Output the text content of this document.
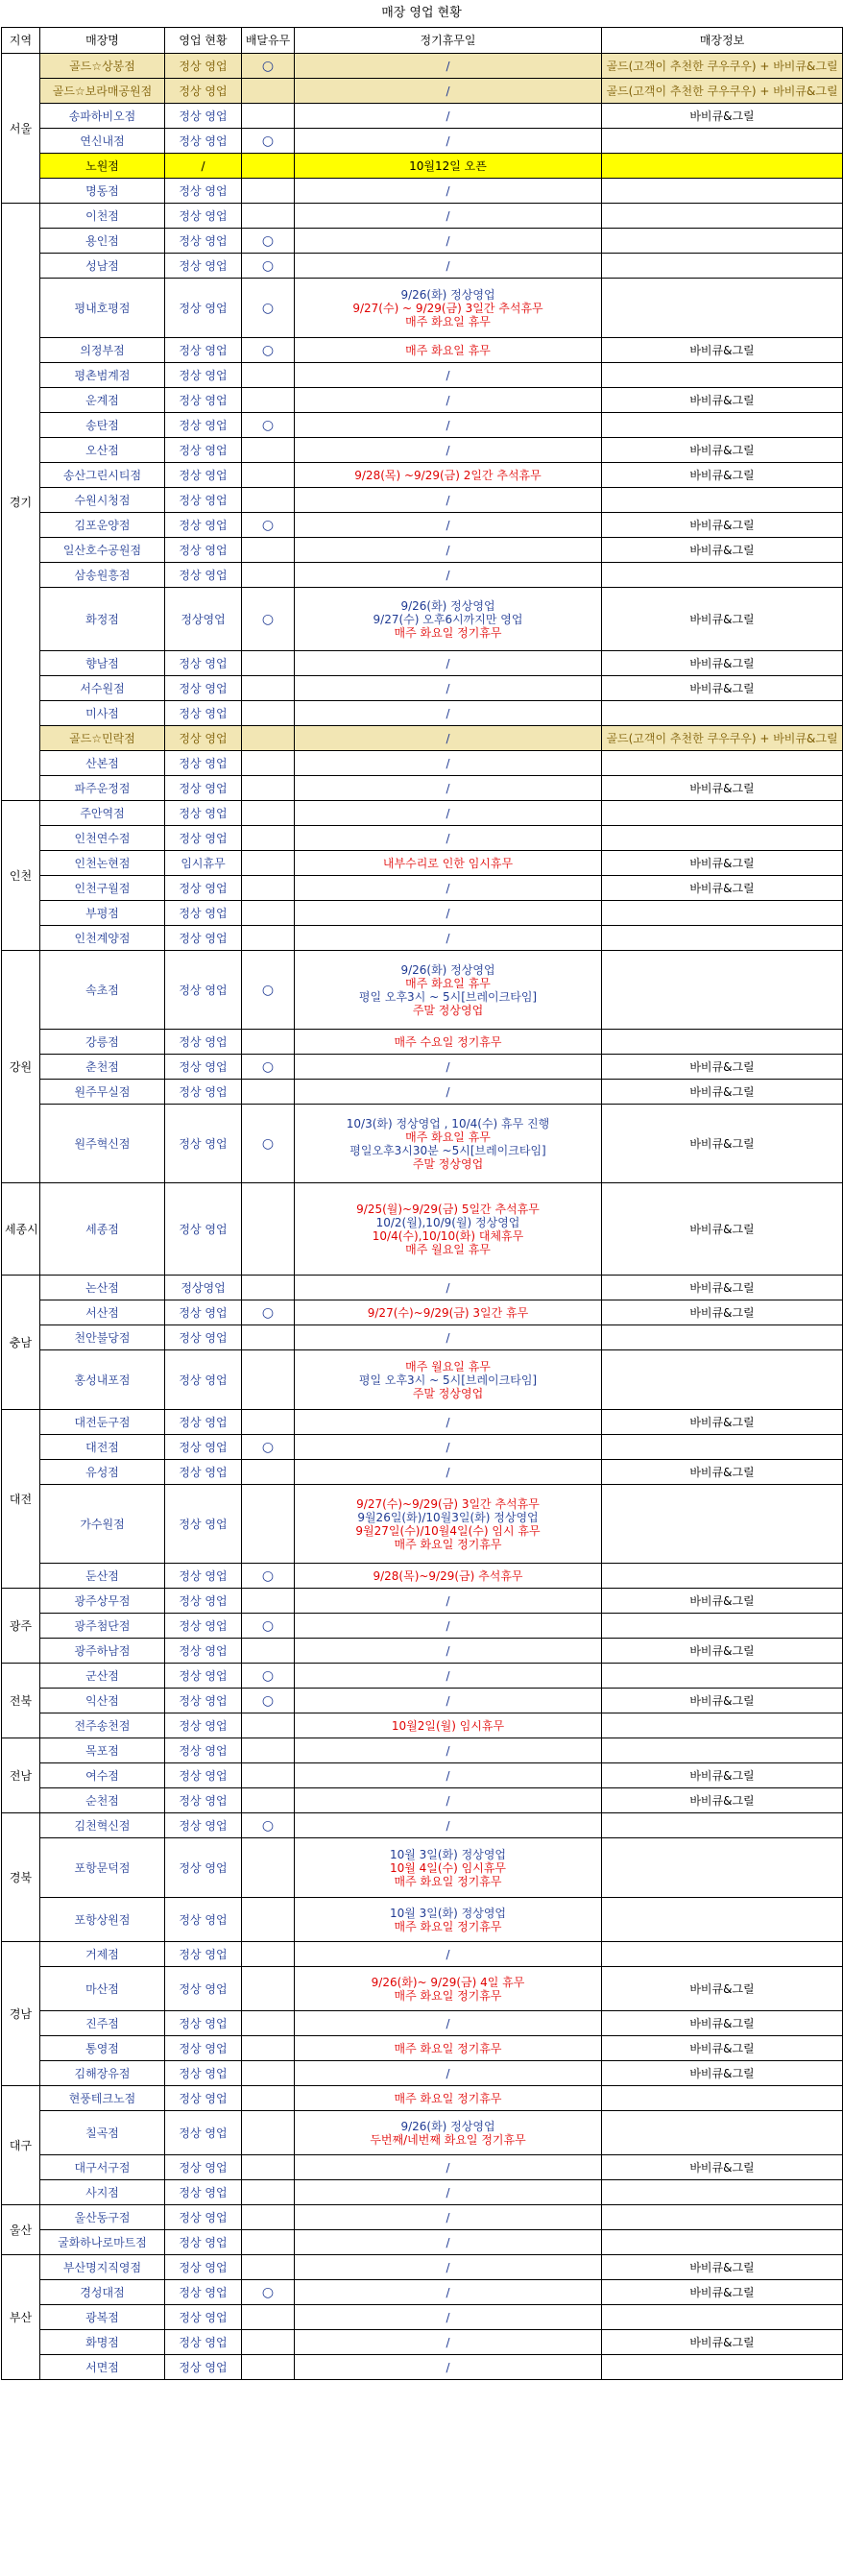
매장 영업 현황
지역	매장명	영업 현황	배달유무	정기휴무일	매장정보
서울	골드☆상봉점	정상 영업	○	/	골드(고객이 추천한 쿠우쿠우) + 바비큐&그릴
	골드☆보라매공원점	정상 영업		/	골드(고객이 추천한 쿠우쿠우) + 바비큐&그릴
	송파하비오점	정상 영업		/	바비큐&그릴
	연신내점	정상 영업	○	/	

	노원점	/		10월12일 오픈	

	명동점	정상 영업		/	

경기	이천점	정상 영업		/	

	용인점	정상 영업	○	/	

	성남점	정상 영업	○	/	

	평내호평점	정상 영업	○	9/26(화) 정상영업
9/27(수) ~ 9/29(금) 3일간 추석휴무
매주 화요일 휴무	

	의정부점	정상 영업	○	매주 화요일 휴무	바비큐&그릴
	평촌범계점	정상 영업		/	

	운계점	정상 영업		/	바비큐&그릴
	송탄점	정상 영업	○	/	

	오산점	정상 영업		/	바비큐&그릴
	송산그린시티점	정상 영업		9/28(목) ~9/29(금) 2일간 추석휴무	바비큐&그릴
	수원시청점	정상 영업		/	

	김포운양점	정상 영업	○	/	바비큐&그릴
	일산호수공원점	정상 영업		/	바비큐&그릴
	삼송원흥점	정상 영업		/	

	화정점	정상영업	○	9/26(화) 정상영업
9/27(수) 오후6시까지만 영업
매주 화요일 정기휴무	바비큐&그릴
	향남점	정상 영업		/	바비큐&그릴
	서수원점	정상 영업		/	바비큐&그릴
	미사점	정상 영업		/	

	골드☆민락점	정상 영업		/	골드(고객이 추천한 쿠우쿠우) + 바비큐&그릴
	산본점	정상 영업		/	

	파주운정점	정상 영업		/	바비큐&그릴
인천	주안역점	정상 영업		/	

	인천연수점	정상 영업		/	

	인천논현점	임시휴무		내부수리로 인한 임시휴무	바비큐&그릴
	인천구월점	정상 영업		/	바비큐&그릴
	부평점	정상 영업		/	

	인천계양점	정상 영업		/	

강원	속초점	정상 영업	○	9/26(화) 정상영업
매주 화요일 휴무
평일 오후3시 ~ 5시[브레이크타임]
주말 정상영업	

	강릉점	정상 영업		매주 수요일 정기휴무	

	춘천점	정상 영업	○	/	바비큐&그릴
	원주무실점	정상 영업		/	바비큐&그릴
	원주혁신점	정상 영업	○	10/3(화) 정상영업 , 10/4(수) 휴무 진행
매주 화요일 휴무
평일오후3시30분 ~5시[브레이크타임]
주말 정상영업	바비큐&그릴
세종시	세종점	정상 영업		9/25(월)~9/29(금) 5일간 추석휴무
10/2(월),10/9(월) 정상영업
10/4(수),10/10(화) 대체휴무
매주 월요일 휴무	바비큐&그릴
충남	논산점	정상영업		/	바비큐&그릴
	서산점	정상 영업	○	9/27(수)~9/29(금) 3일간 휴무	바비큐&그릴
	천안불당점	정상 영업		/	

	홍성내포점	정상 영업		매주 월요일 휴무
평일 오후3시 ~ 5시[브레이크타임]
주말 정상영업	

대전	대전둔구점	정상 영업		/	바비큐&그릴
	대전점	정상 영업	○	/	

	유성점	정상 영업		/	바비큐&그릴
	가수원점	정상 영업		9/27(수)~9/29(금) 3일간 추석휴무
9월26일(화)/10월3일(화) 정상영업
9월27일(수)/10월4일(수) 임시 휴무
매주 화요일 정기휴무	

	둔산점	정상 영업	○	9/28(목)~9/29(금) 추석휴무	

광주	광주상무점	정상 영업		/	바비큐&그릴
	광주첨단점	정상 영업	○	/	

	광주하남점	정상 영업		/	바비큐&그릴
전북	군산점	정상 영업	○	/	

	익산점	정상 영업	○	/	바비큐&그릴
	전주송천점	정상 영업		10월2일(월) 임시휴무	

전남	목포점	정상 영업		/	

	여수점	정상 영업		/	바비큐&그릴
	순천점	정상 영업		/	바비큐&그릴
경북	김천혁신점	정상 영업	○	/	

	포항문덕점	정상 영업		10월 3일(화) 정상영업
10월 4일(수) 임시휴무
매주 화요일 정기휴무	

	포항상원점	정상 영업		10월 3일(화) 정상영업
매주 화요일 정기휴무	

경남	거제점	정상 영업		/	

	마산점	정상 영업		9/26(화)~ 9/29(금) 4일 휴무
매주 화요일 정기휴무	바비큐&그릴
	진주점	정상 영업		/	바비큐&그릴
	통영점	정상 영업		매주 화요일 정기휴무	바비큐&그릴
	김해장유점	정상 영업		/	바비큐&그릴
대구	현풍테크노점	정상 영업		매주 화요일 정기휴무	

	칠곡점	정상 영업		9/26(화) 정상영업
두번째/네번째 화요일 정기휴무	

	대구서구점	정상 영업		/	바비큐&그릴
	사지점	정상 영업		/	

울산	울산동구점	정상 영업		/	

	굴화하나로마트점	정상 영업		/	

부산	부산명지직영점	정상 영업		/	바비큐&그릴
	경성대점	정상 영업	○	/	바비큐&그릴
	광복점	정상 영업		/	

	화명점	정상 영업		/	바비큐&그릴
	서면점	정상 영업		/	
